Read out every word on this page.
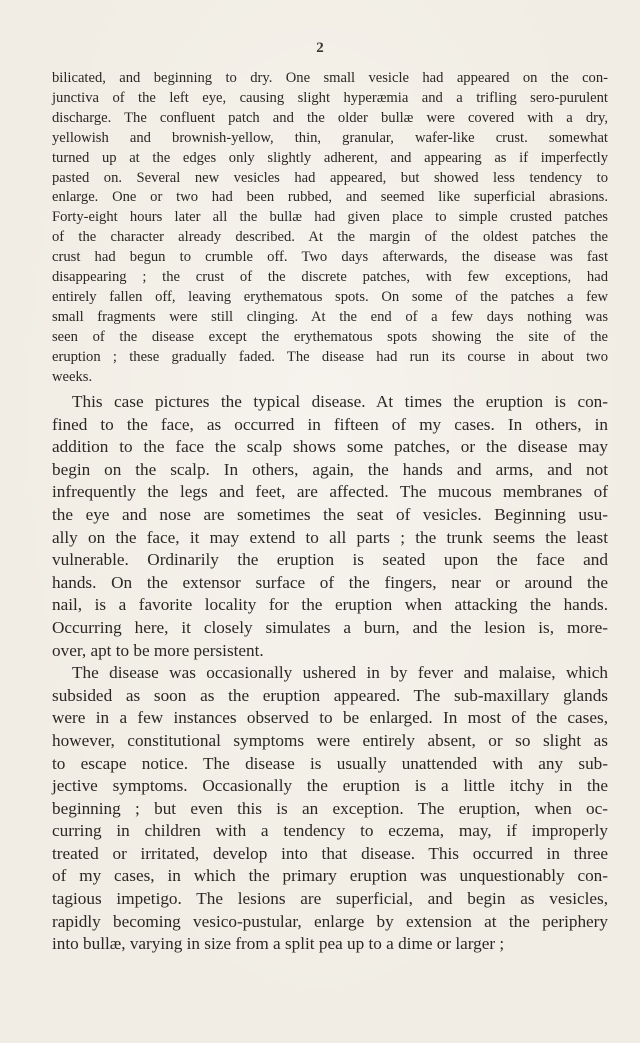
2
bilicated, and beginning to dry. One small vesicle had appeared on the con-
junctiva of the left eye, causing slight hyperæmia and a trifling sero-purulent
discharge. The confluent patch and the older bullæ were covered with a dry,
yellowish and brownish-yellow, thin, granular, wafer-like crust. somewhat
turned up at the edges only slightly adherent, and appearing as if imperfectly
pasted on. Several new vesicles had appeared, but showed less tendency to
enlarge. One or two had been rubbed, and seemed like superficial abrasions.
Forty-eight hours later all the bullæ had given place to simple crusted patches
of the character already described. At the margin of the oldest patches the
crust had begun to crumble off. Two days afterwards, the disease was fast
disappearing ; the crust of the discrete patches, with few exceptions, had
entirely fallen off, leaving erythematous spots. On some of the patches a few
small fragments were still clinging. At the end of a few days nothing was
seen of the disease except the erythematous spots showing the site of the
eruption ; these gradually faded. The disease had run its course in about two
weeks.
This case pictures the typical disease. At times the eruption is con-
fined to the face, as occurred in fifteen of my cases. In others, in
addition to the face the scalp shows some patches, or the disease may
begin on the scalp. In others, again, the hands and arms, and not
infrequently the legs and feet, are affected. The mucous membranes of
the eye and nose are sometimes the seat of vesicles. Beginning usu-
ally on the face, it may extend to all parts ; the trunk seems the least
vulnerable. Ordinarily the eruption is seated upon the face and
hands. On the extensor surface of the fingers, near or around the
nail, is a favorite locality for the eruption when attacking the hands.
Occurring here, it closely simulates a burn, and the lesion is, more-
over, apt to be more persistent.
The disease was occasionally ushered in by fever and malaise, which
subsided as soon as the eruption appeared. The sub-maxillary glands
were in a few instances observed to be enlarged. In most of the cases,
however, constitutional symptoms were entirely absent, or so slight as
to escape notice. The disease is usually unattended with any sub-
jective symptoms. Occasionally the eruption is a little itchy in the
beginning ; but even this is an exception. The eruption, when oc-
curring in children with a tendency to eczema, may, if improperly
treated or irritated, develop into that disease. This occurred in three
of my cases, in which the primary eruption was unquestionably con-
tagious impetigo. The lesions are superficial, and begin as vesicles,
rapidly becoming vesico-pustular, enlarge by extension at the periphery
into bullæ, varying in size from a split pea up to a dime or larger ;
